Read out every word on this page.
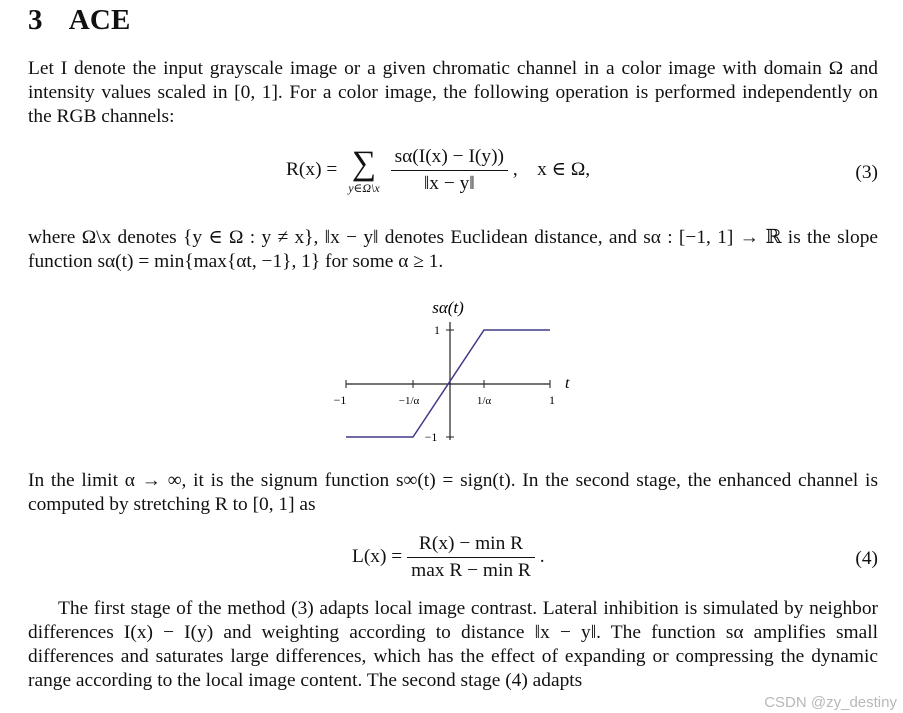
3 ACE

Let I denote the input grayscale image or a given chromatic channel in a color image with domain Ω and intensity values scaled in [0, 1]. For a color image, the following operation is performed independently on the RGB channels:

R(x) = ∑
y∈Ω\x
$\frac{s\alpha(I(x) - I(y))}{‖x - y‖}$ ,    x ∈ Ω,	(3)

where Ω\x denotes {y ∈ Ω : y ≠ x}, ‖x − y‖ denotes Euclidean distance, and sα : [−1, 1] → ℝ is the slope function sα(t) = min{max{αt, −1}, 1} for some α ≥ 1.

sα(t)
t
−1	−1/α	1/α	1
1
−1

In the limit α → ∞, it is the signum function s∞(t) = sign(t). In the second stage, the enhanced channel is computed by stretching R to [0, 1] as

$L(x) = \frac{\text{R(x) − min R}}{\text{max R − min R}}$ .	(4)

The first stage of the method (3) adapts local image contrast. Lateral inhibition is simulated by neighbor differences I(x) − I(y) and weighting according to distance ‖x − y‖. The function sα amplifies small differences and saturates large differences, which has the effect of expanding or compressing the dynamic range according to the local image content. The second stage (4) adapts

CSDN @zy_destiny
